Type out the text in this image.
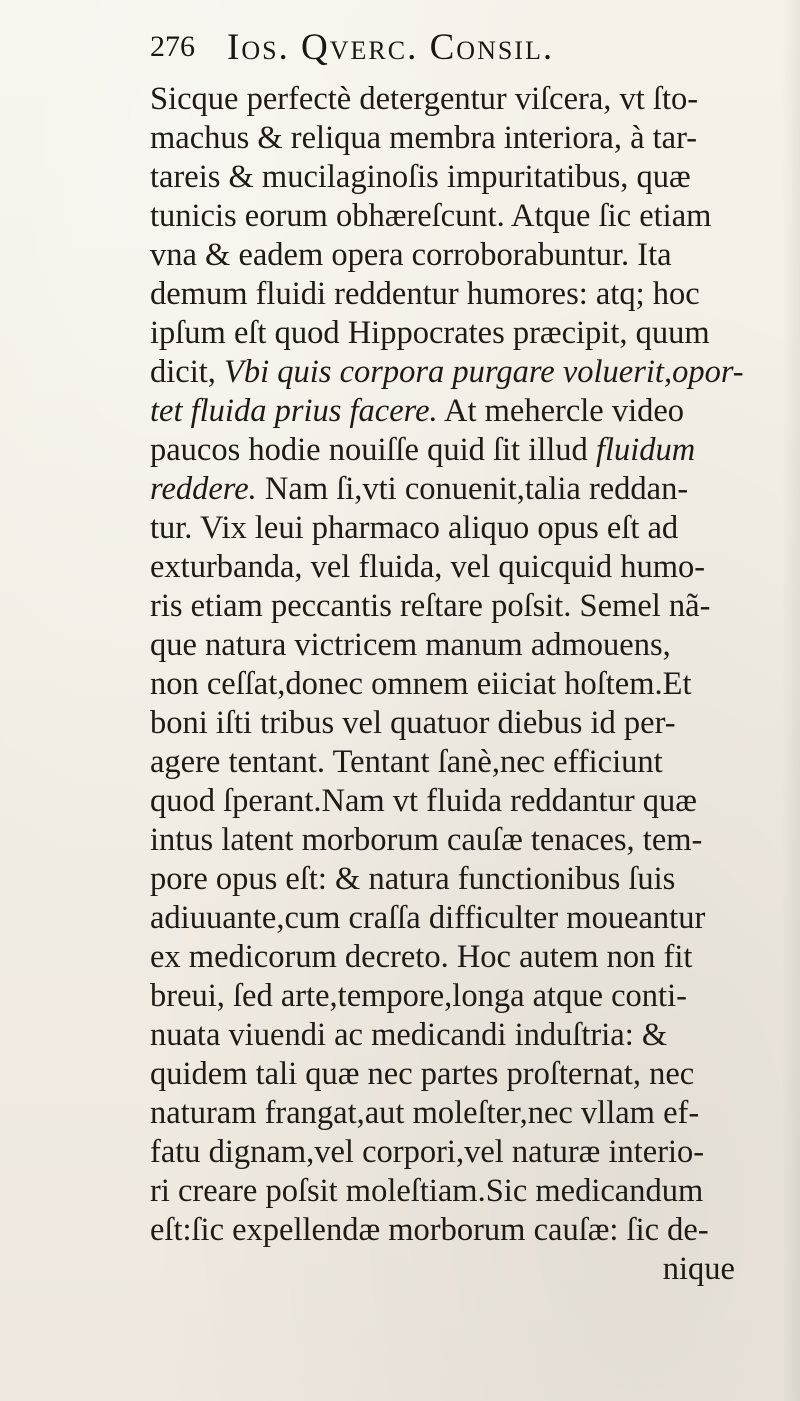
276 Ios. Qverc. Consil.
Sicque perfectè detergentur viſcera, vt ſto-
machus & reliqua membra interiora, à tar-
tareis & mucilaginoſis impuritatibus, quæ
tunicis eorum obhæreſcunt. Atque ſic etiam
vna & eadem opera corroborabuntur. Ita
demum fluidi reddentur humores: atq; hoc
ipſum eſt quod Hippocrates præcipit, quum
dicit, Vbi quis corpora purgare voluerit,opor-
tet fluida prius facere. At mehercle video
paucos hodie nouiſſe quid ſit illud fluidum
reddere. Nam ſi,vti conuenit,talia reddan-
tur. Vix leui pharmaco aliquo opus eſt ad
exturbanda, vel fluida, vel quicquid humo-
ris etiam peccantis reſtare poſsit. Semel nã-
que natura victricem manum admouens,
non ceſſat,donec omnem eiiciat hoſtem.Et
boni iſti tribus vel quatuor diebus id per-
agere tentant. Tentant ſanè,nec efficiunt
quod ſperant.Nam vt fluida reddantur quæ
intus latent morborum cauſæ tenaces, tem-
pore opus eſt: & natura functionibus ſuis
adiuuante,cum craſſa difficulter moueantur
ex medicorum decreto. Hoc autem non fit
breui, ſed arte,tempore,longa atque conti-
nuata viuendi ac medicandi induſtria: &
quidem tali quæ nec partes proſternat, nec
naturam frangat,aut moleſter,nec vllam ef-
fatu dignam,vel corpori,vel naturæ interio-
ri creare poſsit moleſtiam.Sic medicandum
eſt:ſic expellendæ morborum cauſæ: ſic de-
nique
